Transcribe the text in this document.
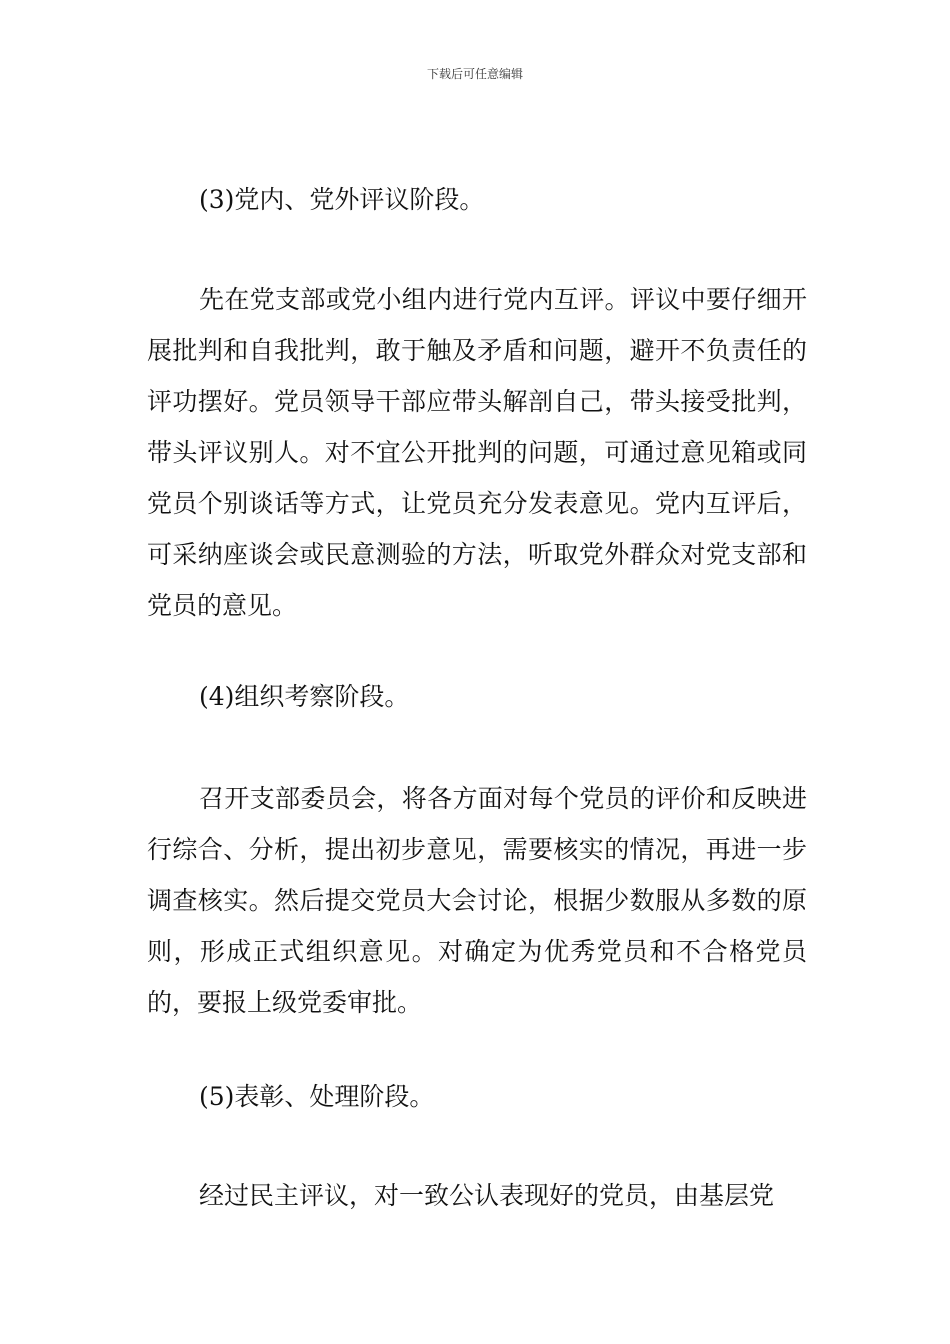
下载后可任意编辑
(3)党内、党外评议阶段。
先在党支部或党小组内进行党内互评。评议中要仔细开展批判和自我批判，敢于触及矛盾和问题，避开不负责任的评功摆好。党员领导干部应带头解剖自己，带头接受批判，带头评议别人。对不宜公开批判的问题，可通过意见箱或同党员个别谈话等方式，让党员充分发表意见。党内互评后，可采纳座谈会或民意测验的方法，听取党外群众对党支部和党员的意见。
(4)组织考察阶段。
召开支部委员会，将各方面对每个党员的评价和反映进行综合、分析，提出初步意见，需要核实的情况，再进一步调查核实。然后提交党员大会讨论，根据少数服从多数的原则，形成正式组织意见。对确定为优秀党员和不合格党员的，要报上级党委审批。
(5)表彰、处理阶段。
经过民主评议，对一致公认表现好的党员，由基层党
